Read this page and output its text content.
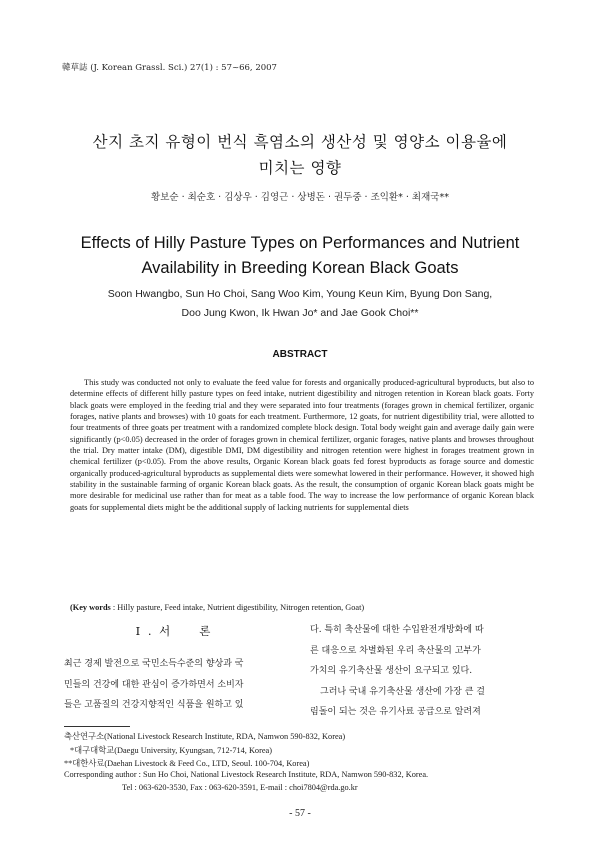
韓草誌 (J. Korean Grassl. Sci.) 27(1) : 57~66, 2007
산지 초지 유형이 번식 흑염소의 생산성 및 영양소 이용율에
미치는 영향
황보순 · 최순호 · 김상우 · 김영근 · 상병돈 · 권두중 · 조익환* · 최재국**
Effects of Hilly Pasture Types on Performances and Nutrient
Availability in Breeding Korean Black Goats
Soon Hwangbo, Sun Ho Choi, Sang Woo Kim, Young Keun Kim, Byung Don Sang,
Doo Jung Kwon, Ik Hwan Jo* and Jae Gook Choi**
ABSTRACT
This study was conducted not only to evaluate the feed value for forests and organically produced-agricultural byproducts, but also to determine effects of different hilly pasture types on feed intake, nutrient digestibility and nitrogen retention in Korean black goats. Forty black goats were employed in the feeding trial and they were separated into four treatments (forages grown in chemical fertilizer, organic forages, native plants and browses) with 10 goats for each treatment. Furthermore, 12 goats, for nutrient digestibility trial, were allotted to four treatments of three goats per treatment with a randomized complete block design. Total body weight gain and average daily gain were significantly (p<0.05) decreased in the order of forages grown in chemical fertilizer, organic forages, native plants and browses throughout the trial. Dry matter intake (DM), digestible DMI, DM digestibility and nitrogen retention were highest in forages treatment grown in chemical fertilizer (p<0.05). From the above results, Organic Korean black goats fed forest byproducts as forage source and domestic organically produced-agricultural byproducts as supplemental diets were somewhat lowered in their performance. However, it showed high stability in the sustainable farming of organic Korean black goats. As the result, the consumption of organic Korean black goats might be more desirable for medicinal use rather than for meat as a table food. The way to increase the low performance of organic Korean black goats for supplemental diets might be the additional supply of lacking nutrients for supplemental diets
(Key words : Hilly pasture, Feed intake, Nutrient digestibility, Nitrogen retention, Goat)
I . 서　　론
최근 경제 발전으로 국민소득수준의 향상과 국
민들의 건강에 대한 관심이 증가하면서 소비자
들은 고품질의 건강지향적인 식품을 원하고 있
다. 특히 축산물에 대한 수입완전개방화에 따
른 대응으로 차별화된 우리 축산물의 고부가
가치의 유기축산물 생산이 요구되고 있다.
그러나 국내 유기축산물 생산에 가장 큰 걸
림돌이 되는 것은 유기사료 공급으로 알려져
축산연구소(National Livestock Research Institute, RDA, Namwon 590-832, Korea)
*대구대학교(Daegu University, Kyungsan, 712-714, Korea)
**대한사료(Daehan Livestock & Feed Co., LTD, Seoul. 100-704, Korea)
Corresponding author : Sun Ho Choi, National Livestock Research Institute, RDA, Namwon 590-832, Korea.
Tel : 063-620-3530, Fax : 063-620-3591, E-mail : choi7804@rda.go.kr
- 57 -
